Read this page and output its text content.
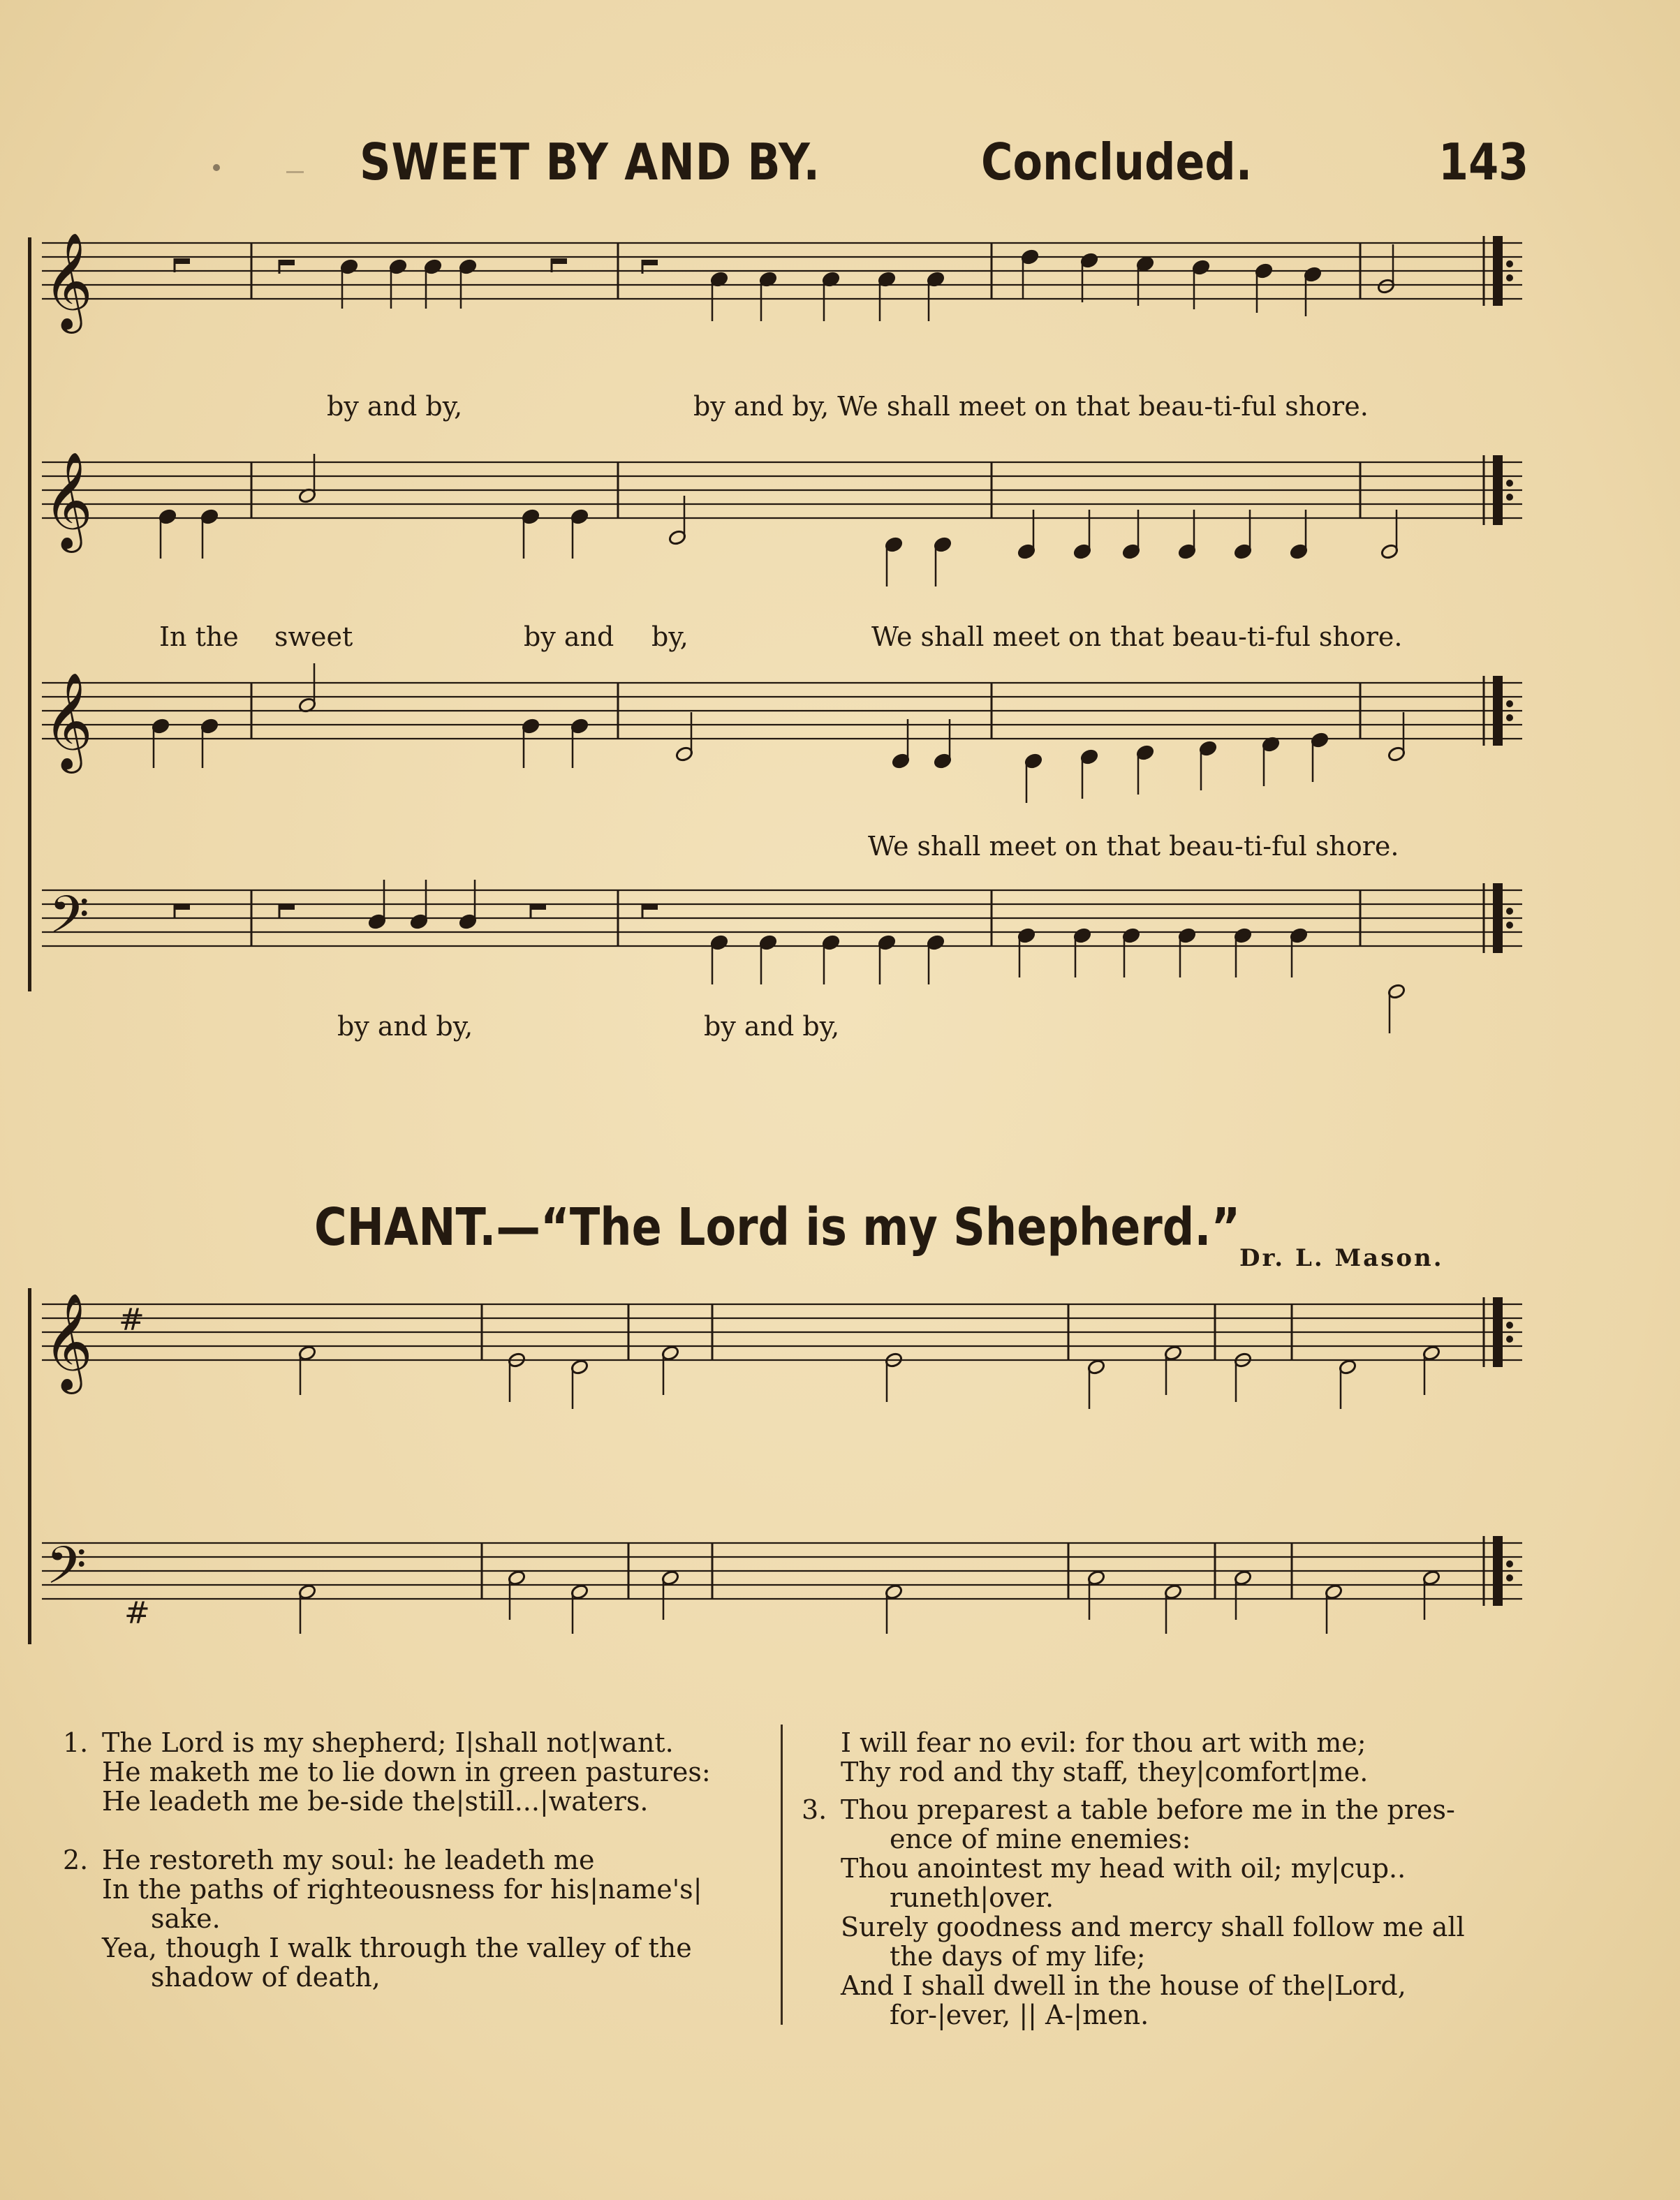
SWEET BY AND BY.	Concluded.	143
𝄞
𝄞
𝄞
𝄢
𝄞
𝄢
#
#
by and by,	by and by, We shall meet on that beau-ti-ful shore.
In the sweet	by and by,	We shall meet on that beau-ti-ful shore.
We shall meet on that beau-ti-ful shore.
by and by,	by and by,
CHANT.—“The Lord is my Shepherd.”
Dr. L. Mason.
1. The Lord is my shepherd; I|shall not|want.
He maketh me to lie down in green pastures:
He leadeth me be-side the|still...|waters.
2. He restoreth my soul: he leadeth me
In the paths of righteousness for his|name's|
sake.
Yea, though I walk through the valley of the
shadow of death,
I will fear no evil: for thou art with me;
Thy rod and thy staff, they|comfort|me.
3. Thou preparest a table before me in the pres-
ence of mine enemies:
Thou anointest my head with oil; my|cup..
runeth|over.
Surely goodness and mercy shall follow me all
the days of my life;
And I shall dwell in the house of the|Lord,
for-|ever, || A-|men.
